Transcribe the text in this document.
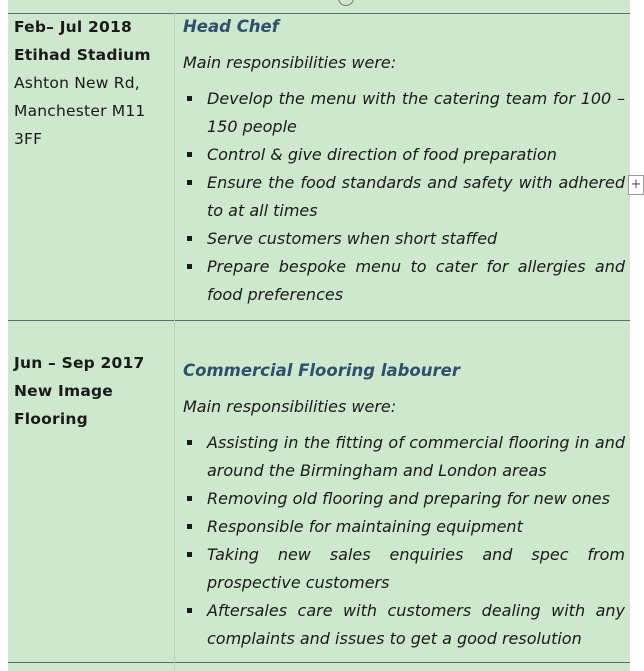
Feb– Jul 2018
Etihad Stadium
Ashton New Rd,
Manchester M11
3FF
Head Chef
Main responsibilities were:
Develop the menu with the catering team for 100 –150 people
Control & give direction of food preparation
Ensure the food standards and safety with adhered to at all times
Serve customers when short staffed
Prepare bespoke menu to cater for allergies and food preferences
Jun – Sep 2017
New Image
Flooring
Commercial Flooring labourer
Main responsibilities were:
Assisting in the fitting of commercial flooring in and around the Birmingham and London areas
Removing old flooring and preparing for new ones
Responsible for maintaining equipment
Taking new sales enquiries and spec from prospective customers
Aftersales care with customers dealing with any complaints and issues to get a good resolution
+
